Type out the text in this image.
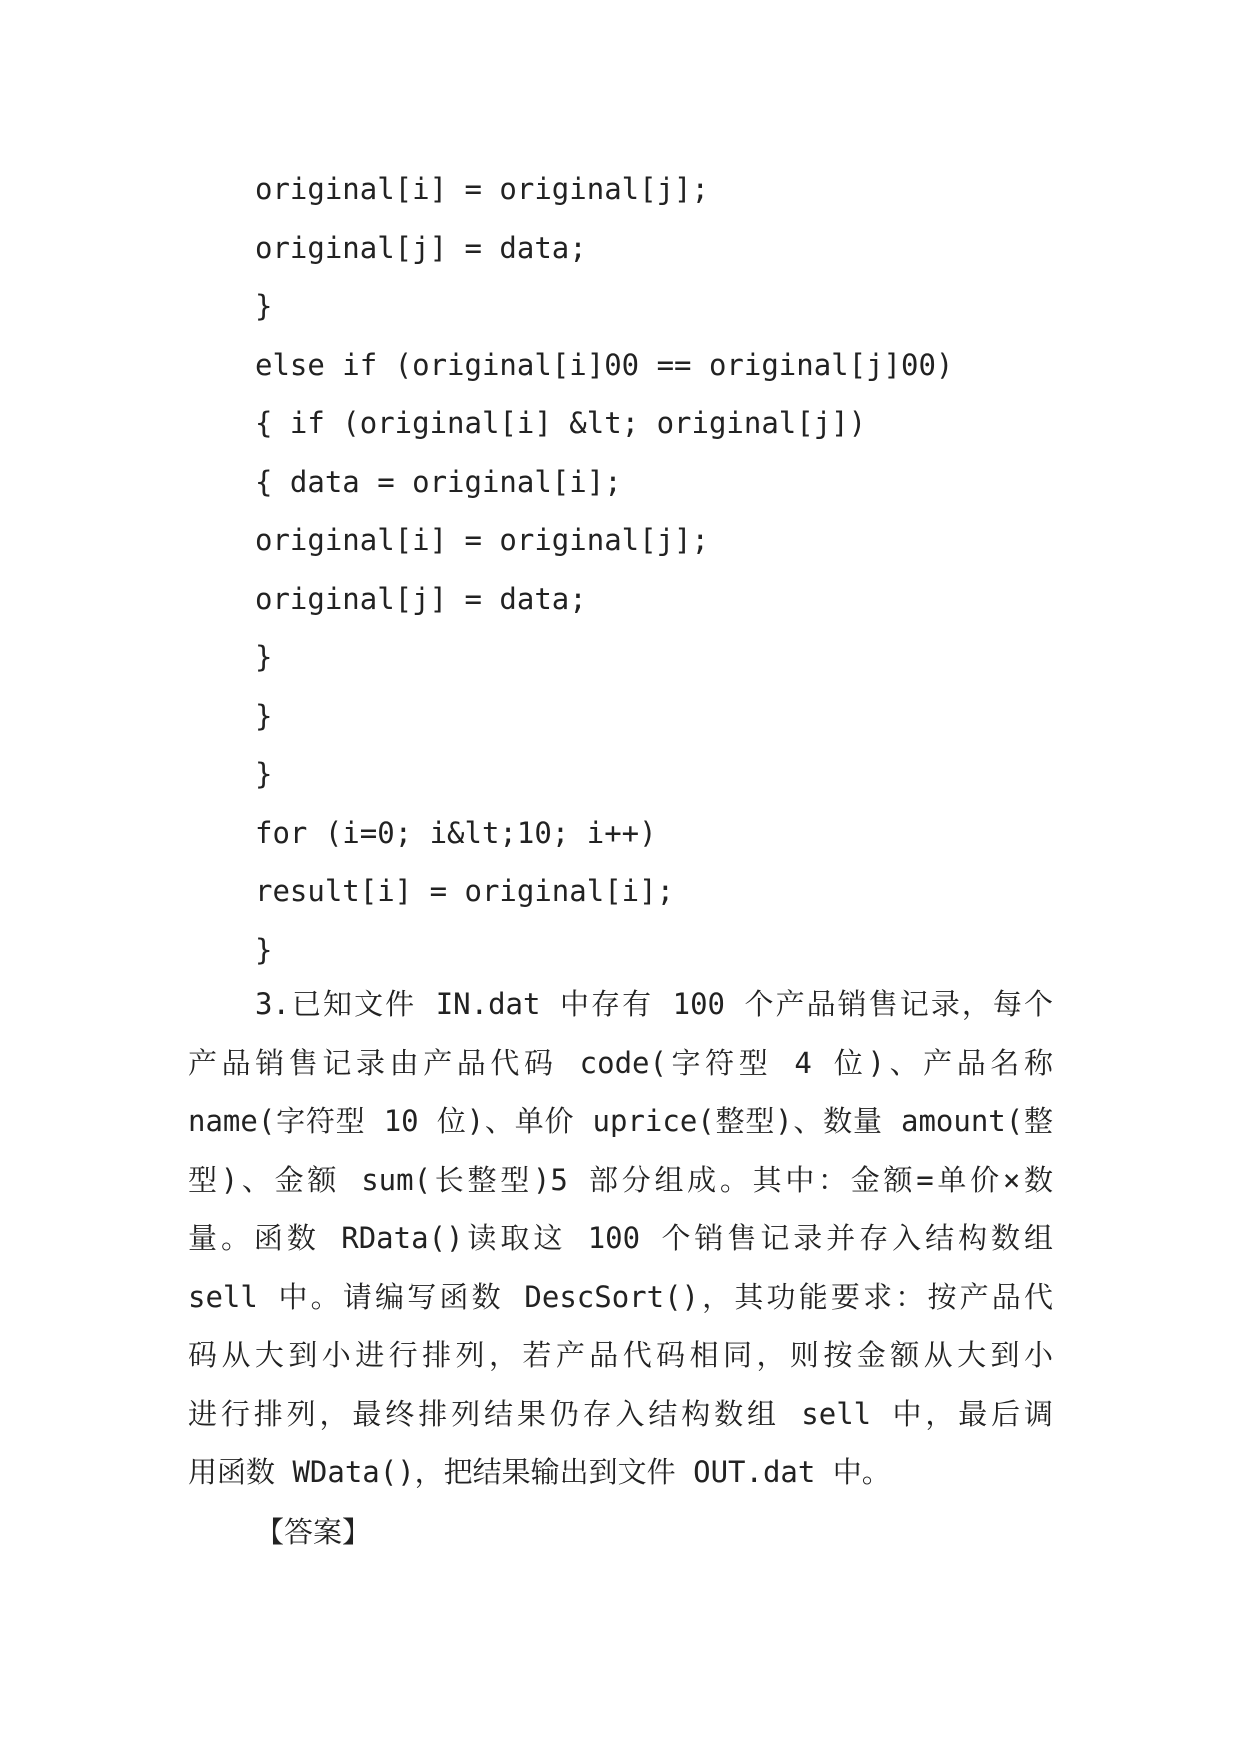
original[i] = original[j];
original[j] = data;
}
else if (original[i]00 == original[j]00)
{ if (original[i] &lt; original[j])
{ data = original[i];
original[i] = original[j];
original[j] = data;
}
}
}
for (i=0; i&lt;10; i++)
result[i] = original[i];
}
3.已知文件 IN.dat 中存有 100 个产品销售记录，每个
产品销售记录由产品代码 code(字符型 4 位)、产品名称
name(字符型 10 位)、单价 uprice(整型)、数量 amount(整
型)、金额 sum(长整型)5 部分组成。其中：金额=单价×数
量。函数 RData()读取这 100 个销售记录并存入结构数组
sell 中。请编写函数 DescSort()，其功能要求：按产品代
码从大到小进行排列，若产品代码相同，则按金额从大到小
进行排列，最终排列结果仍存入结构数组 sell 中，最后调
用函数 WData()，把结果输出到文件 OUT.dat 中。
【答案】
